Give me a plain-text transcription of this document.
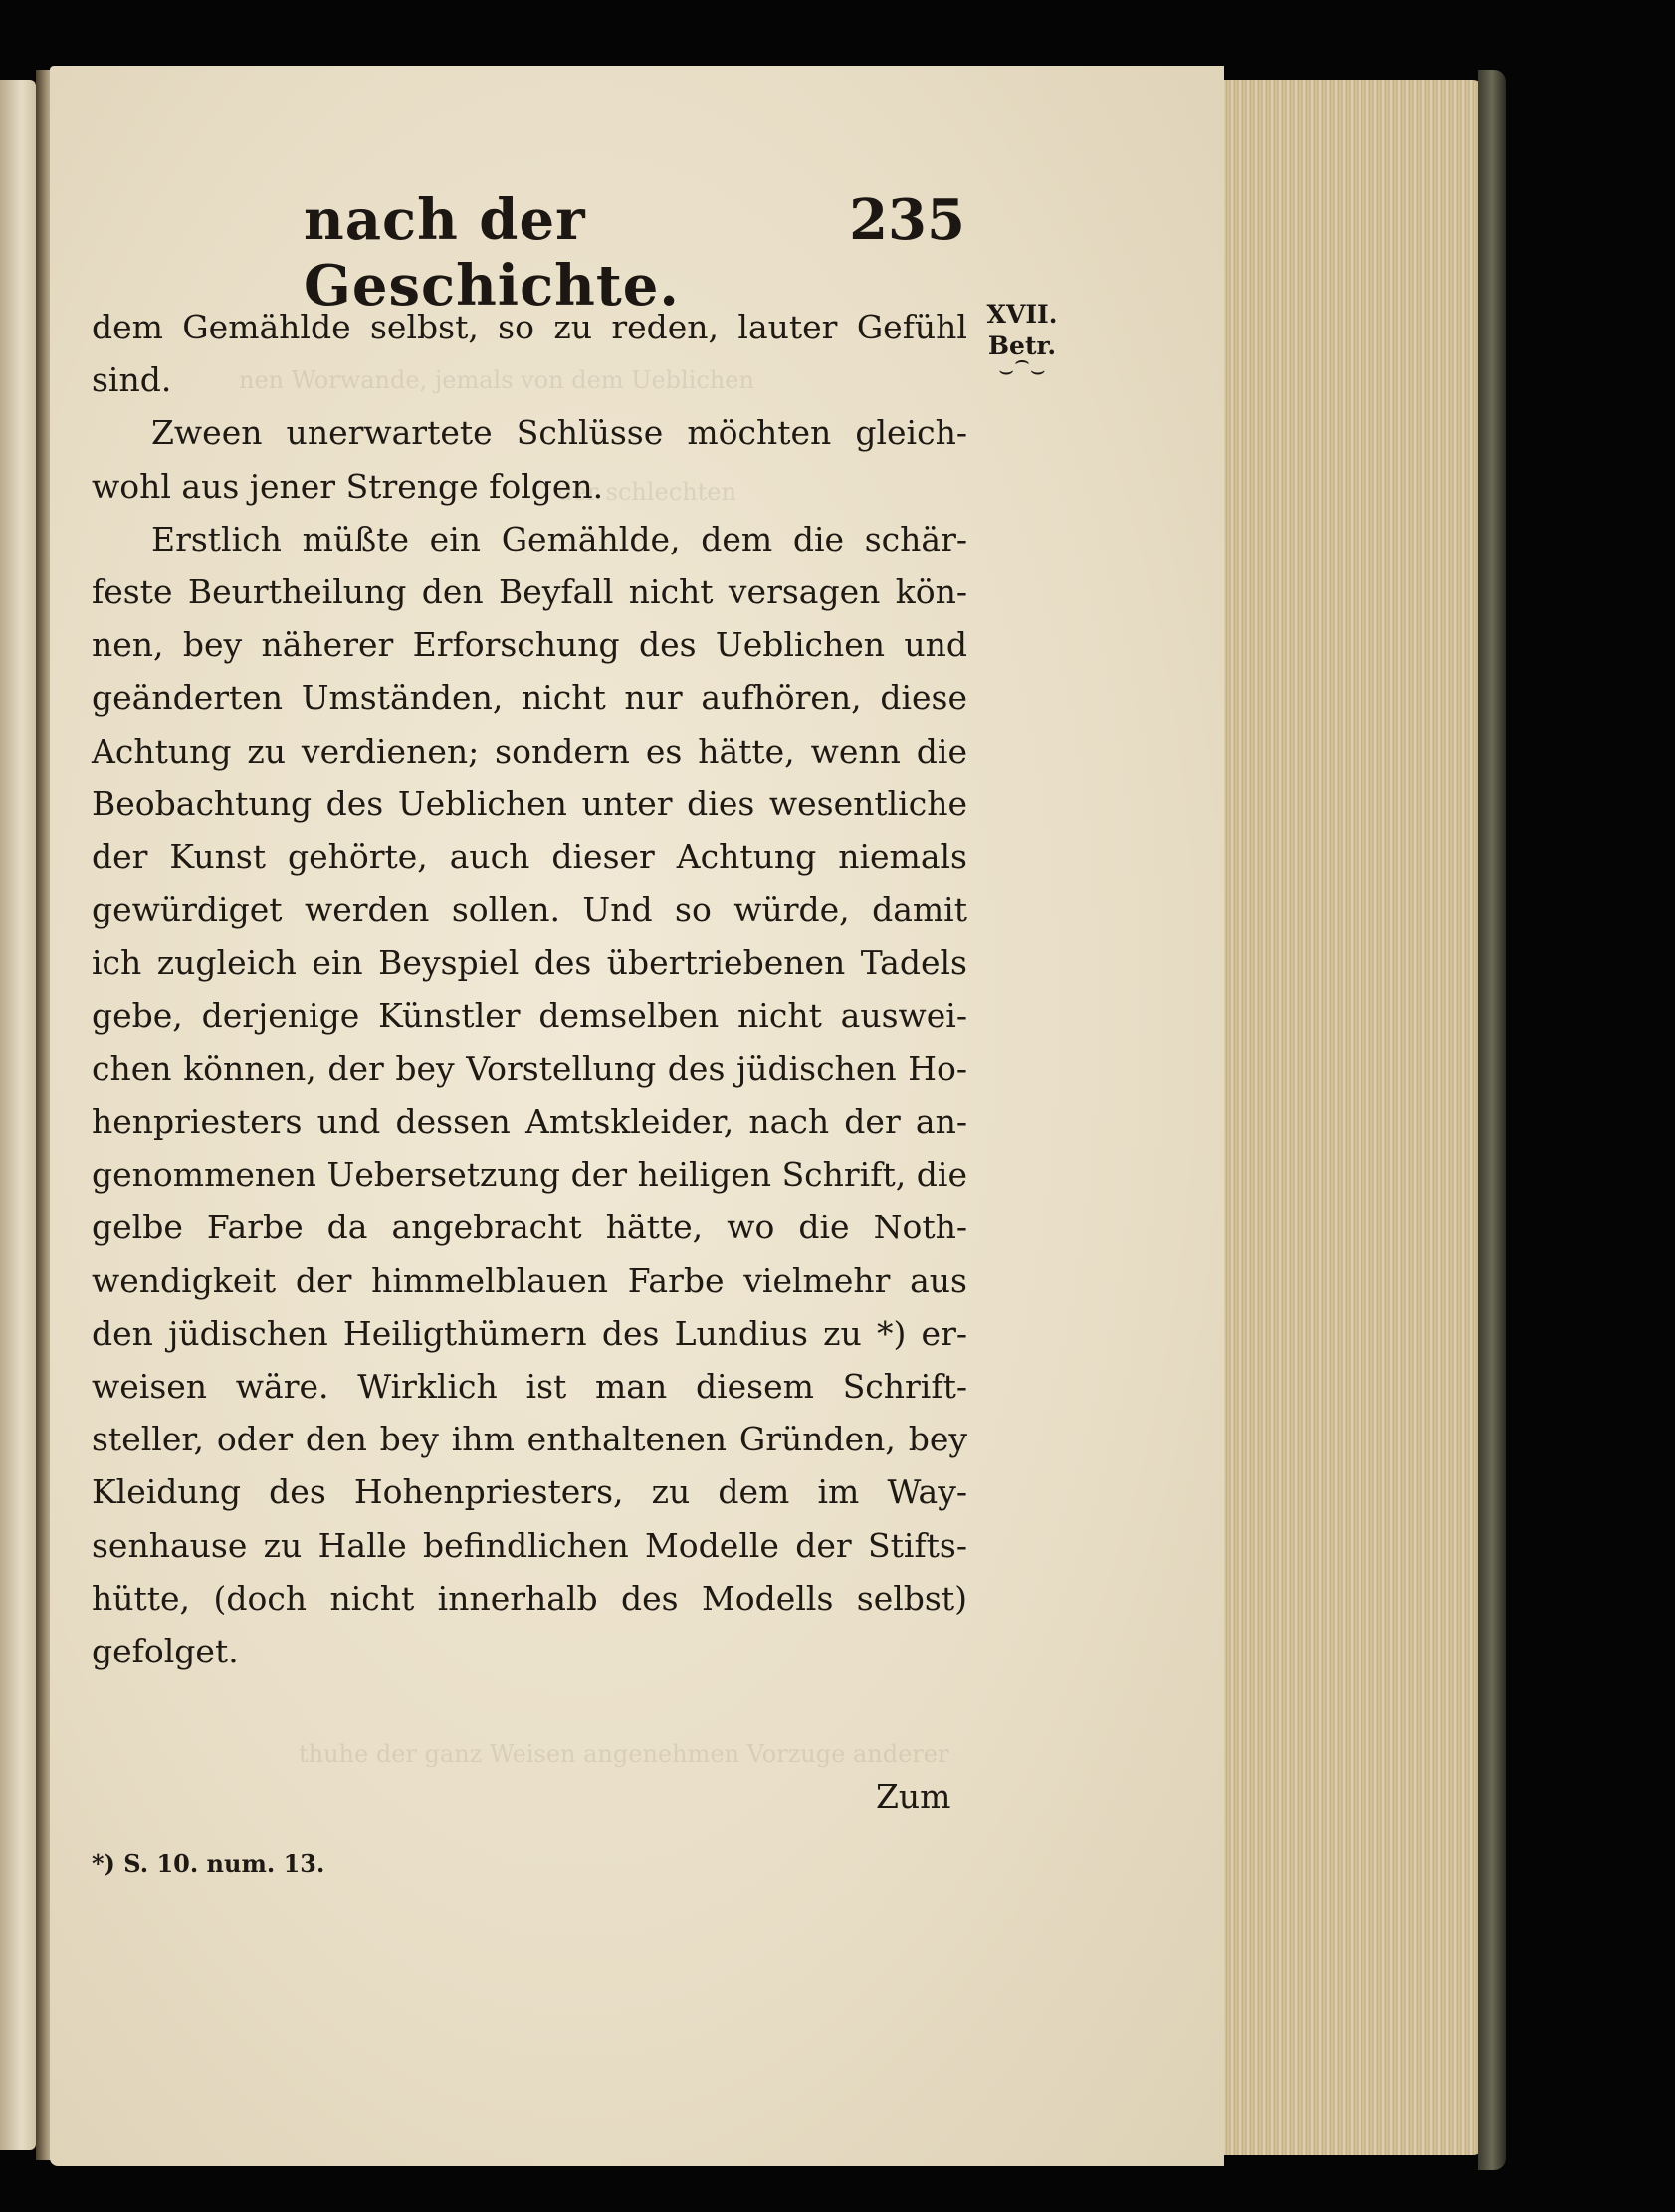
nen Worwande, jemals von dem Ueblichen
der schlechten
thuhe der ganz Weisen angenehmen Vorzuge anderer
nach der Geschichte.
235
XVII.
Betr.
⌣⁀⌣
dem Gemählde selbst, so zu reden, lauter Gefühl
sind.
Zween unerwartete Schlüsse möchten gleich-
wohl aus jener Strenge folgen.
Erstlich müßte ein Gemählde, dem die schär-
feste Beurtheilung den Beyfall nicht versagen kön-
nen, bey näherer Erforschung des Ueblichen und
geänderten Umständen, nicht nur aufhören, diese
Achtung zu verdienen; sondern es hätte, wenn die
Beobachtung des Ueblichen unter dies wesentliche
der Kunst gehörte, auch dieser Achtung niemals
gewürdiget werden sollen. Und so würde, damit
ich zugleich ein Beyspiel des übertriebenen Tadels
gebe, derjenige Künstler demselben nicht auswei-
chen können, der bey Vorstellung des jüdischen Ho-
henpriesters und dessen Amtskleider, nach der an-
genommenen Uebersetzung der heiligen Schrift, die
gelbe Farbe da angebracht hätte, wo die Noth-
wendigkeit der himmelblauen Farbe vielmehr aus
den jüdischen Heiligthümern des Lundius zu *) er-
weisen wäre. Wirklich ist man diesem Schrift-
steller, oder den bey ihm enthaltenen Gründen, bey
Kleidung des Hohenpriesters, zu dem im Way-
senhause zu Halle befindlichen Modelle der Stifts-
hütte, (doch nicht innerhalb des Modells selbst)
gefolget.
Zum
*) S. 10. num. 13.
